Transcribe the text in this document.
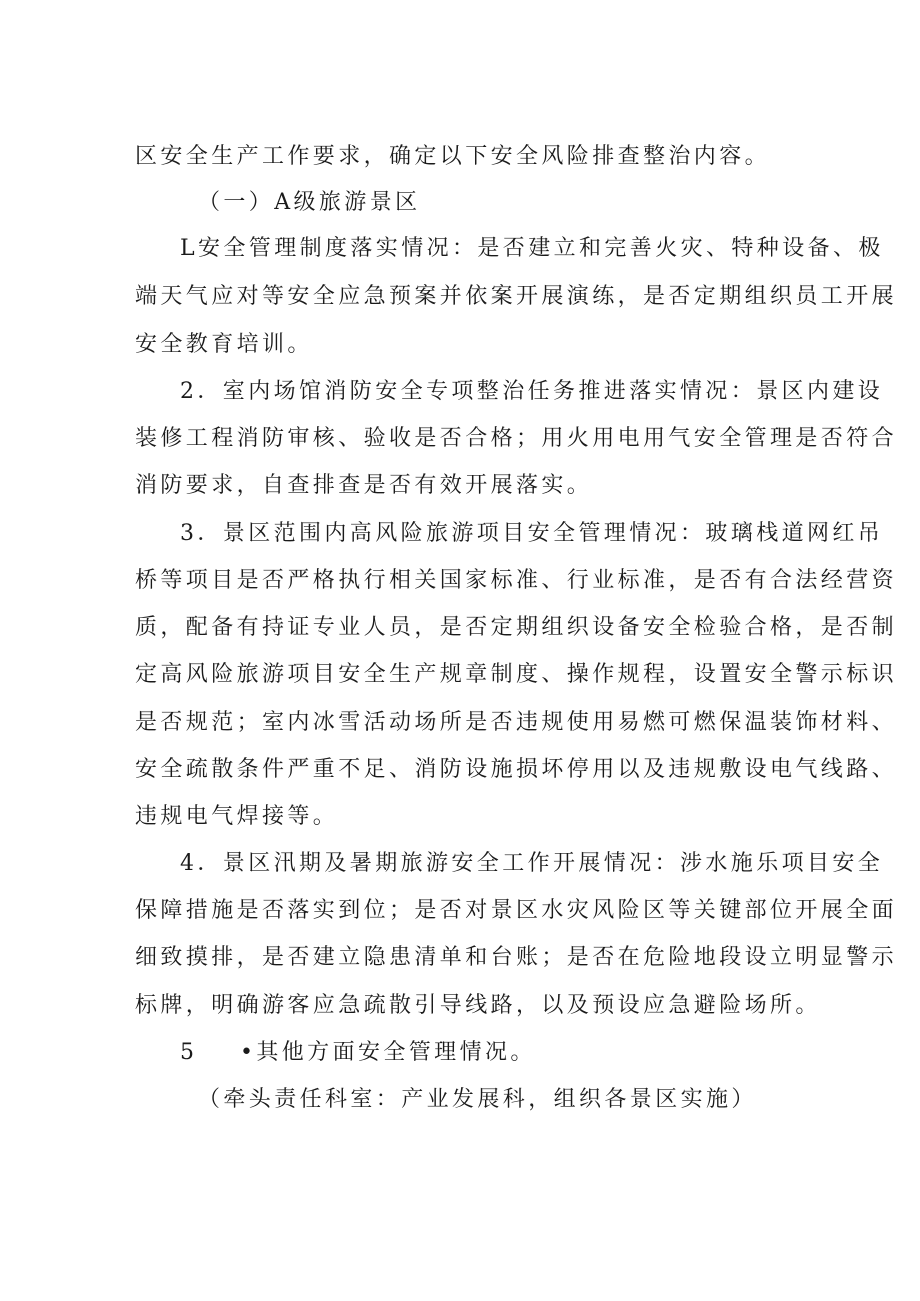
区安全生产工作要求，确定以下安全风险排查整治内容。
（一）A级旅游景区
L安全管理制度落实情况：是否建立和完善火灾、特种设备、极
端天气应对等安全应急预案并依案开展演练，是否定期组织员工开展
安全教育培训。
2．室内场馆消防安全专项整治任务推进落实情况：景区内建设
装修工程消防审核、验收是否合格；用火用电用气安全管理是否符合
消防要求，自查排查是否有效开展落实。
3．景区范围内高风险旅游项目安全管理情况：玻璃栈道网红吊
桥等项目是否严格执行相关国家标准、行业标准，是否有合法经营资
质，配备有持证专业人员，是否定期组织设备安全检验合格，是否制
定高风险旅游项目安全生产规章制度、操作规程，设置安全警示标识
是否规范；室内冰雪活动场所是否违规使用易燃可燃保温装饰材料、
安全疏散条件严重不足、消防设施损坏停用以及违规敷设电气线路、
违规电气焊接等。
4．景区汛期及暑期旅游安全工作开展情况：涉水施乐项目安全
保障措施是否落实到位；是否对景区水灾风险区等关键部位开展全面
细致摸排，是否建立隐患清单和台账；是否在危险地段设立明显警示
标牌，明确游客应急疏散引导线路，以及预设应急避险场所。
5 •其他方面安全管理情况。
（牵头责任科室：产业发展科，组织各景区实施）
